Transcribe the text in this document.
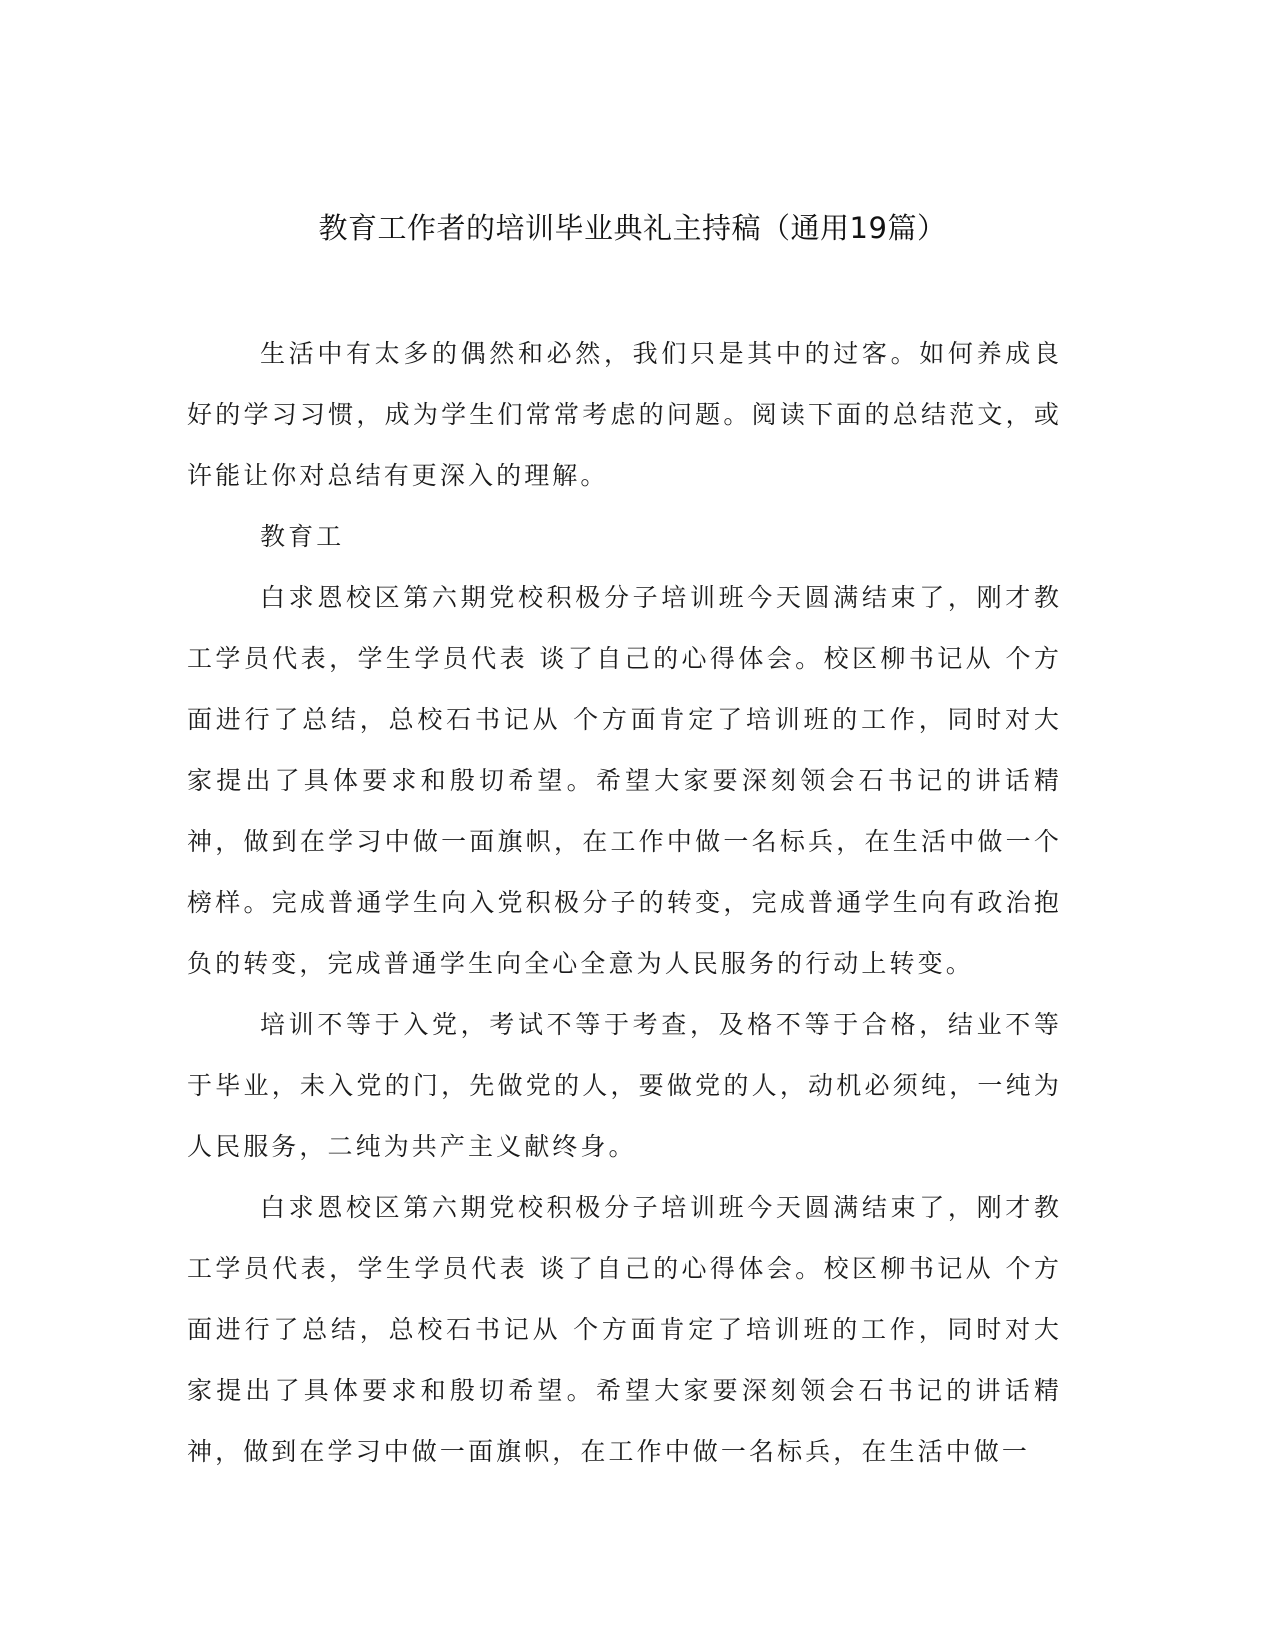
教育工作者的培训毕业典礼主持稿（通用19篇）

生活中有太多的偶然和必然，我们只是其中的过客。如何养成良好的学习习惯，成为学生们常常考虑的问题。阅读下面的总结范文，或许能让你对总结有更深入的理解。

教育工

白求恩校区第六期党校积极分子培训班今天圆满结束了，刚才教工学员代表，学生学员代表 谈了自己的心得体会。校区柳书记从 个方面进行了总结，总校石书记从 个方面肯定了培训班的工作，同时对大家提出了具体要求和殷切希望。希望大家要深刻领会石书记的讲话精神，做到在学习中做一面旗帜，在工作中做一名标兵，在生活中做一个榜样。完成普通学生向入党积极分子的转变，完成普通学生向有政治抱负的转变，完成普通学生向全心全意为人民服务的行动上转变。

培训不等于入党，考试不等于考查，及格不等于合格，结业不等于毕业，未入党的门，先做党的人，要做党的人，动机必须纯，一纯为人民服务，二纯为共产主义献终身。

白求恩校区第六期党校积极分子培训班今天圆满结束了，刚才教工学员代表，学生学员代表 谈了自己的心得体会。校区柳书记从 个方面进行了总结，总校石书记从 个方面肯定了培训班的工作，同时对大家提出了具体要求和殷切希望。希望大家要深刻领会石书记的讲话精神，做到在学习中做一面旗帜，在工作中做一名标兵，在生活中做一
